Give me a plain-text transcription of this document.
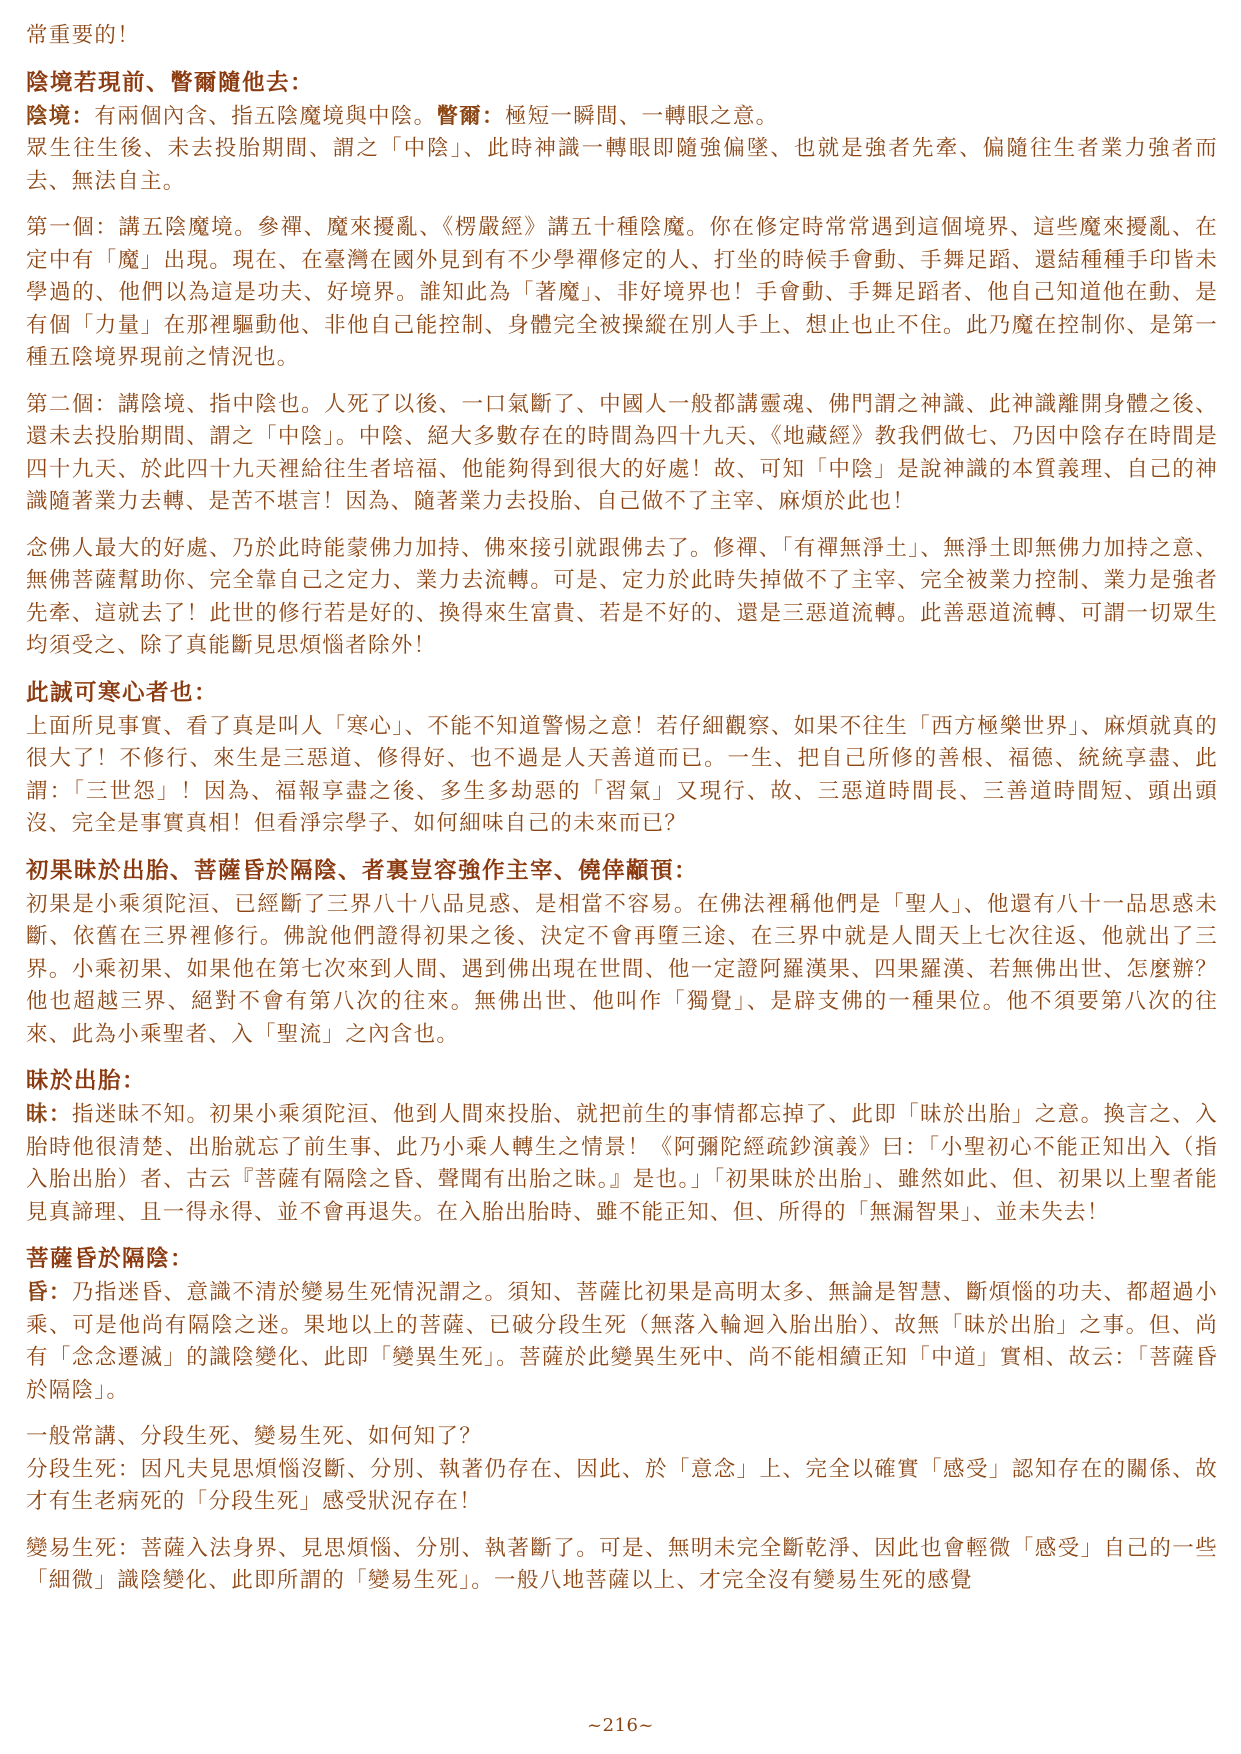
常重要的！

陰境若現前、瞥爾隨他去：

陰境：有兩個內含、指五陰魔境與中陰。瞥爾：極短一瞬間、一轉眼之意。

眾生往生後、未去投胎期間、謂之「中陰」、此時神識一轉眼即隨強偏墜、也就是強者先牽、偏隨往生者業力強者而去、無法自主。

第一個：講五陰魔境。參禪、魔來擾亂、《楞嚴經》講五十種陰魔。你在修定時常常遇到這個境界、這些魔來擾亂、在定中有「魔」出現。現在、在臺灣在國外見到有不少學禪修定的人、打坐的時候手會動、手舞足蹈、還結種種手印皆未學過的、他們以為這是功夫、好境界。誰知此為「著魔」、非好境界也！手會動、手舞足蹈者、他自己知道他在動、是有個「力量」在那裡驅動他、非他自己能控制、身體完全被操縱在別人手上、想止也止不住。此乃魔在控制你、是第一種五陰境界現前之情況也。

第二個：講陰境、指中陰也。人死了以後、一口氣斷了、中國人一般都講靈魂、佛門謂之神識、此神識離開身體之後、還未去投胎期間、謂之「中陰」。中陰、絕大多數存在的時間為四十九天、《地藏經》教我們做七、乃因中陰存在時間是四十九天、於此四十九天裡給往生者培福、他能夠得到很大的好處！故、可知「中陰」是說神識的本質義理、自己的神識隨著業力去轉、是苦不堪言！因為、隨著業力去投胎、自己做不了主宰、麻煩於此也！

念佛人最大的好處、乃於此時能蒙佛力加持、佛來接引就跟佛去了。修禪、「有禪無淨土」、無淨土即無佛力加持之意、無佛菩薩幫助你、完全靠自己之定力、業力去流轉。可是、定力於此時失掉做不了主宰、完全被業力控制、業力是強者先牽、這就去了！此世的修行若是好的、換得來生富貴、若是不好的、還是三惡道流轉。此善惡道流轉、可謂一切眾生均須受之、除了真能斷見思煩惱者除外！

此誠可寒心者也：

上面所見事實、看了真是叫人「寒心」、不能不知道警惕之意！若仔細觀察、如果不往生「西方極樂世界」、麻煩就真的很大了！不修行、來生是三惡道、修得好、也不過是人天善道而已。一生、把自己所修的善根、福德、統統享盡、此謂：「三世怨」！因為、福報享盡之後、多生多劫惡的「習氣」又現行、故、三惡道時間長、三善道時間短、頭出頭沒、完全是事實真相！但看淨宗學子、如何細味自己的未來而已？

初果昧於出胎、菩薩昏於隔陰、者裏豈容強作主宰、僥倖顢頇：

初果是小乘須陀洹、已經斷了三界八十八品見惑、是相當不容易。在佛法裡稱他們是「聖人」、他還有八十一品思惑未斷、依舊在三界裡修行。佛說他們證得初果之後、決定不會再墮三途、在三界中就是人間天上七次往返、他就出了三界。小乘初果、如果他在第七次來到人間、遇到佛出現在世間、他一定證阿羅漢果、四果羅漢、若無佛出世、怎麼辦？他也超越三界、絕對不會有第八次的往來。無佛出世、他叫作「獨覺」、是辟支佛的一種果位。他不須要第八次的往來、此為小乘聖者、入「聖流」之內含也。

昧於出胎：

昧：指迷昧不知。初果小乘須陀洹、他到人間來投胎、就把前生的事情都忘掉了、此即「昧於出胎」之意。換言之、入胎時他很清楚、出胎就忘了前生事、此乃小乘人轉生之情景！《阿彌陀經疏鈔演義》曰：「小聖初心不能正知出入（指入胎出胎）者、古云『菩薩有隔陰之昏、聲聞有出胎之昧。』是也。」「初果昧於出胎」、雖然如此、但、初果以上聖者能見真諦理、且一得永得、並不會再退失。在入胎出胎時、雖不能正知、但、所得的「無漏智果」、並未失去！

菩薩昏於隔陰：

昏：乃指迷昏、意識不清於變易生死情況謂之。須知、菩薩比初果是高明太多、無論是智慧、斷煩惱的功夫、都超過小乘、可是他尚有隔陰之迷。果地以上的菩薩、已破分段生死（無落入輪迴入胎出胎）、故無「昧於出胎」之事。但、尚有「念念遷滅」的識陰變化、此即「變異生死」。菩薩於此變異生死中、尚不能相續正知「中道」實相、故云：「菩薩昏於隔陰」。

一般常講、分段生死、變易生死、如何知了？

分段生死：因凡夫見思煩惱沒斷、分別、執著仍存在、因此、於「意念」上、完全以確實「感受」認知存在的關係、故才有生老病死的「分段生死」感受狀況存在！

變易生死：菩薩入法身界、見思煩惱、分別、執著斷了。可是、無明未完全斷乾淨、因此也會輕微「感受」自己的一些「細微」識陰變化、此即所謂的「變易生死」。一般八地菩薩以上、才完全沒有變易生死的感覺

~216~
